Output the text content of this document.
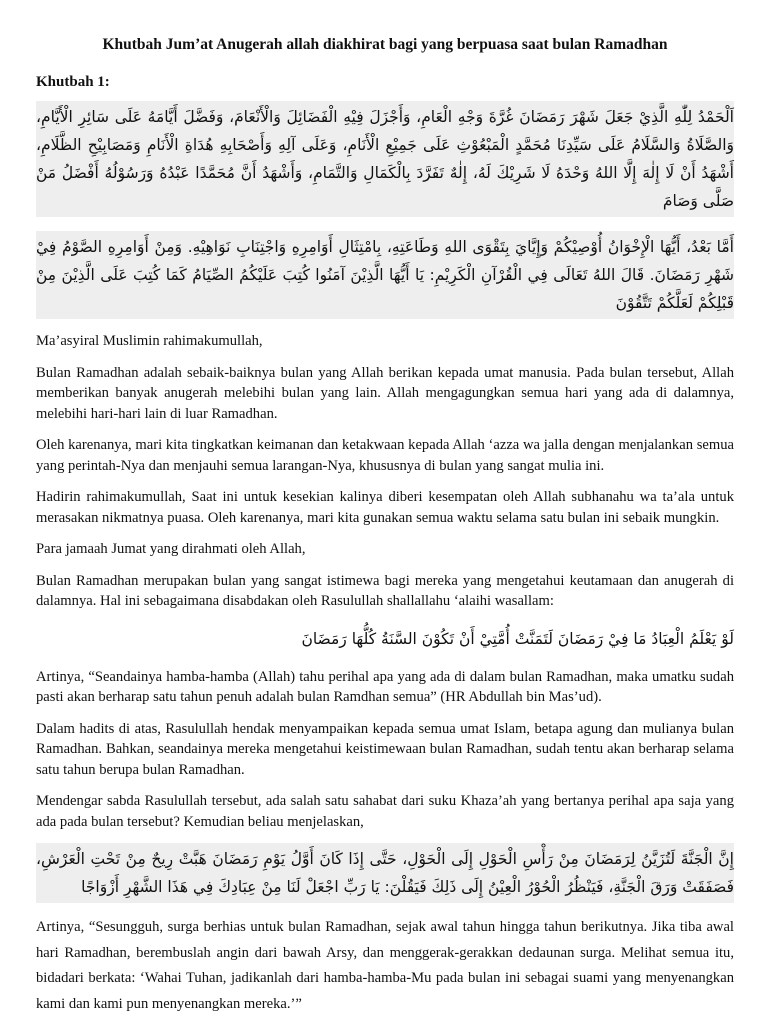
Khutbah Jum’at Anugerah allah diakhirat bagi yang berpuasa saat bulan Ramadhan
Khutbah 1:
اَلْحَمْدُ لِلّٰهِ الَّذِيْ جَعَلَ شَهْرَ رَمَضَانَ غُرَّةَ وَجْهِ الْعَامِ، وَأَجْزَلَ فِيْهِ الْفَضَائِلَ وَالْأَنْعَامَ، وَفَضَّلَ أَيَّامَهُ عَلَى سَائِرِ الْأَيَّامِ، وَالصَّلَاةُ وَالسَّلَامُ عَلَى سَيِّدِنَا مُحَمَّدٍ الْمَبْعُوْثِ عَلَى جَمِيْعِ الْأَنَامِ، وَعَلَى آلِهِ وَأَصْحَابِهِ هُدَاةِ الْأَنَامِ وَمَصَابِيْحِ الظَّلَامِ، أَشْهَدُ أَنْ لَا إِلٰهَ إِلَّا اللهُ وَحْدَهُ لَا شَرِيْكَ لَهُ، إِلٰهٌ تَفَرَّدَ بِالْكَمَالِ وَالتَّمَامِ، وَأَشْهَدُ أَنَّ مُحَمَّدًا عَبْدُهُ وَرَسُوْلُهُ أَفْضَلُ مَنْ صَلَّى وَصَامَ
أَمَّا بَعْدُ، أَيُّهَا الْإِخْوَانُ أُوْصِيْكُمْ وَإِيَّايَ بِتَقْوَى اللهِ وَطَاعَتِهِ، بِامْتِثَالِ أَوَامِرِهِ وَاجْتِنَابِ نَوَاهِيْهِ. وَمِنْ أَوَامِرِهِ الصَّوْمُ فِيْ شَهْرِ رَمَضَانَ. قَالَ اللهُ تَعَالَى فِي الْقُرْآنِ الْكَرِيْمِ: يَا أَيُّهَا الَّذِيْنَ آمَنُوا كُتِبَ عَلَيْكُمُ الصِّيَامُ كَمَا كُتِبَ عَلَى الَّذِيْنَ مِنْ قَبْلِكُمْ لَعَلَّكُمْ تَتَّقُوْنَ

Ma’asyiral Muslimin rahimakumullah,

Bulan Ramadhan adalah sebaik-baiknya bulan yang Allah berikan kepada umat manusia. Pada bulan tersebut, Allah memberikan banyak anugerah melebihi bulan yang lain. Allah mengagungkan semua hari yang ada di dalamnya, melebihi hari-hari lain di luar Ramadhan.

Oleh karenanya, mari kita tingkatkan keimanan dan ketakwaan kepada Allah ‘azza wa jalla dengan menjalankan semua yang perintah-Nya dan menjauhi semua larangan-Nya, khususnya di bulan yang sangat mulia ini.

Hadirin rahimakumullah, Saat ini untuk kesekian kalinya diberi kesempatan oleh Allah subhanahu wa ta’ala untuk merasakan nikmatnya puasa. Oleh karenanya, mari kita gunakan semua waktu selama satu bulan ini sebaik mungkin.

Para jamaah Jumat yang dirahmati oleh Allah,

Bulan Ramadhan merupakan bulan yang sangat istimewa bagi mereka yang mengetahui keutamaan dan anugerah di dalamnya. Hal ini sebagaimana disabdakan oleh Rasulullah shallallahu ‘alaihi wasallam:

لَوْ يَعْلَمُ الْعِبَادُ مَا فِيْ رَمَضَانَ لَتَمَنَّتْ أُمَّتِيْ أَنْ تَكُوْنَ السَّنَةُ كُلُّهَا رَمَضَانَ

Artinya, “Seandainya hamba-hamba (Allah) tahu perihal apa yang ada di dalam bulan Ramadhan, maka umatku sudah pasti akan berharap satu tahun penuh adalah bulan Ramdhan semua” (HR Abdullah bin Mas’ud).

Dalam hadits di atas, Rasulullah hendak menyampaikan kepada semua umat Islam, betapa agung dan mulianya bulan Ramadhan. Bahkan, seandainya mereka mengetahui keistimewaan bulan Ramadhan, sudah tentu akan berharap selama satu tahun berupa bulan Ramadhan.

Mendengar sabda Rasulullah tersebut, ada salah satu sahabat dari suku Khaza’ah yang bertanya perihal apa saja yang ada pada bulan tersebut? Kemudian beliau menjelaskan,

إِنَّ الْجَنَّةَ لَتُزَيَّنُ لِرَمَضَانَ مِنْ رَأْسِ الْحَوْلِ إِلَى الْحَوْلِ، حَتَّى إِذَا كَانَ أَوَّلُ يَوْمِ رَمَضَانَ هَبَّتْ رِيحٌ مِنْ تَحْتِ الْعَرْشِ، فَصَفَقَتْ وَرَقَ الْجَنَّةِ، فَيَنْظُرُ الْحُوْرُ الْعِيْنُ إِلَى ذَلِكَ فَيَقُلْنَ: يَا رَبِّ اجْعَلْ لَنَا مِنْ عِبَادِكَ فِي هَذَا الشَّهْرِ أَزْوَاجًا

Artinya, “Sesungguh, surga berhias untuk bulan Ramadhan, sejak awal tahun hingga tahun berikutnya. Jika tiba awal hari Ramadhan, berembuslah angin dari bawah Arsy, dan menggerak-gerakkan dedaunan surga. Melihat semua itu, bidadari berkata: ‘Wahai Tuhan, jadikanlah dari hamba-hamba-Mu pada bulan ini sebagai suami yang menyenangkan kami dan kami pun menyenangkan mereka.’”
